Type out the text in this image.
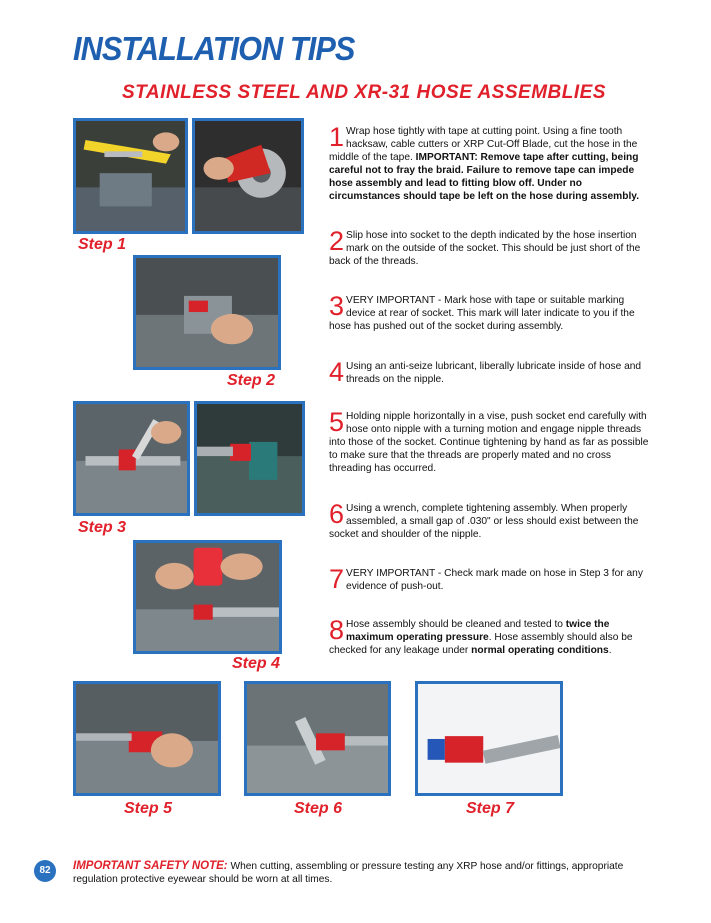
INSTALLATION TIPS
STAINLESS STEEL AND XR-31 HOSE ASSEMBLIES
Step 1
Step 2
Step 3
Step 4
Step 5	Step 6	Step 7
1 Wrap hose tightly with tape at cutting point. Using a fine tooth hacksaw, cable cutters or XRP Cut-Off Blade, cut the hose in the middle of the tape. IMPORTANT: Remove tape after cutting, being careful not to fray the braid. Failure to remove tape can impede hose assembly and lead to fitting blow off. Under no circumstances should tape be left on the hose during assembly.
2 Slip hose into socket to the depth indicated by the hose insertion mark on the outside of the socket. This should be just short of the back of the threads.
3 VERY IMPORTANT - Mark hose with tape or suitable marking device at rear of socket. This mark will later indicate to you if the hose has pushed out of the socket during assembly.
4 Using an anti-seize lubricant, liberally lubricate inside of hose and threads on the nipple.
5 Holding nipple horizontally in a vise, push socket end carefully with hose onto nipple with a turning motion and engage nipple threads into those of the socket. Continue tightening by hand as far as possible to make sure that the threads are properly mated and no cross threading has occurred.
6 Using a wrench, complete tightening assembly. When properly assembled, a small gap of .030" or less should exist between the socket and shoulder of the nipple.
7 VERY IMPORTANT - Check mark made on hose in Step 3 for any evidence of push-out.
8 Hose assembly should be cleaned and tested to twice the maximum operating pressure. Hose assembly should also be checked for any leakage under normal operating conditions.
82	IMPORTANT SAFETY NOTE: When cutting, assembling or pressure testing any XRP hose and/or fittings, appropriate regulation protective eyewear should be worn at all times.
